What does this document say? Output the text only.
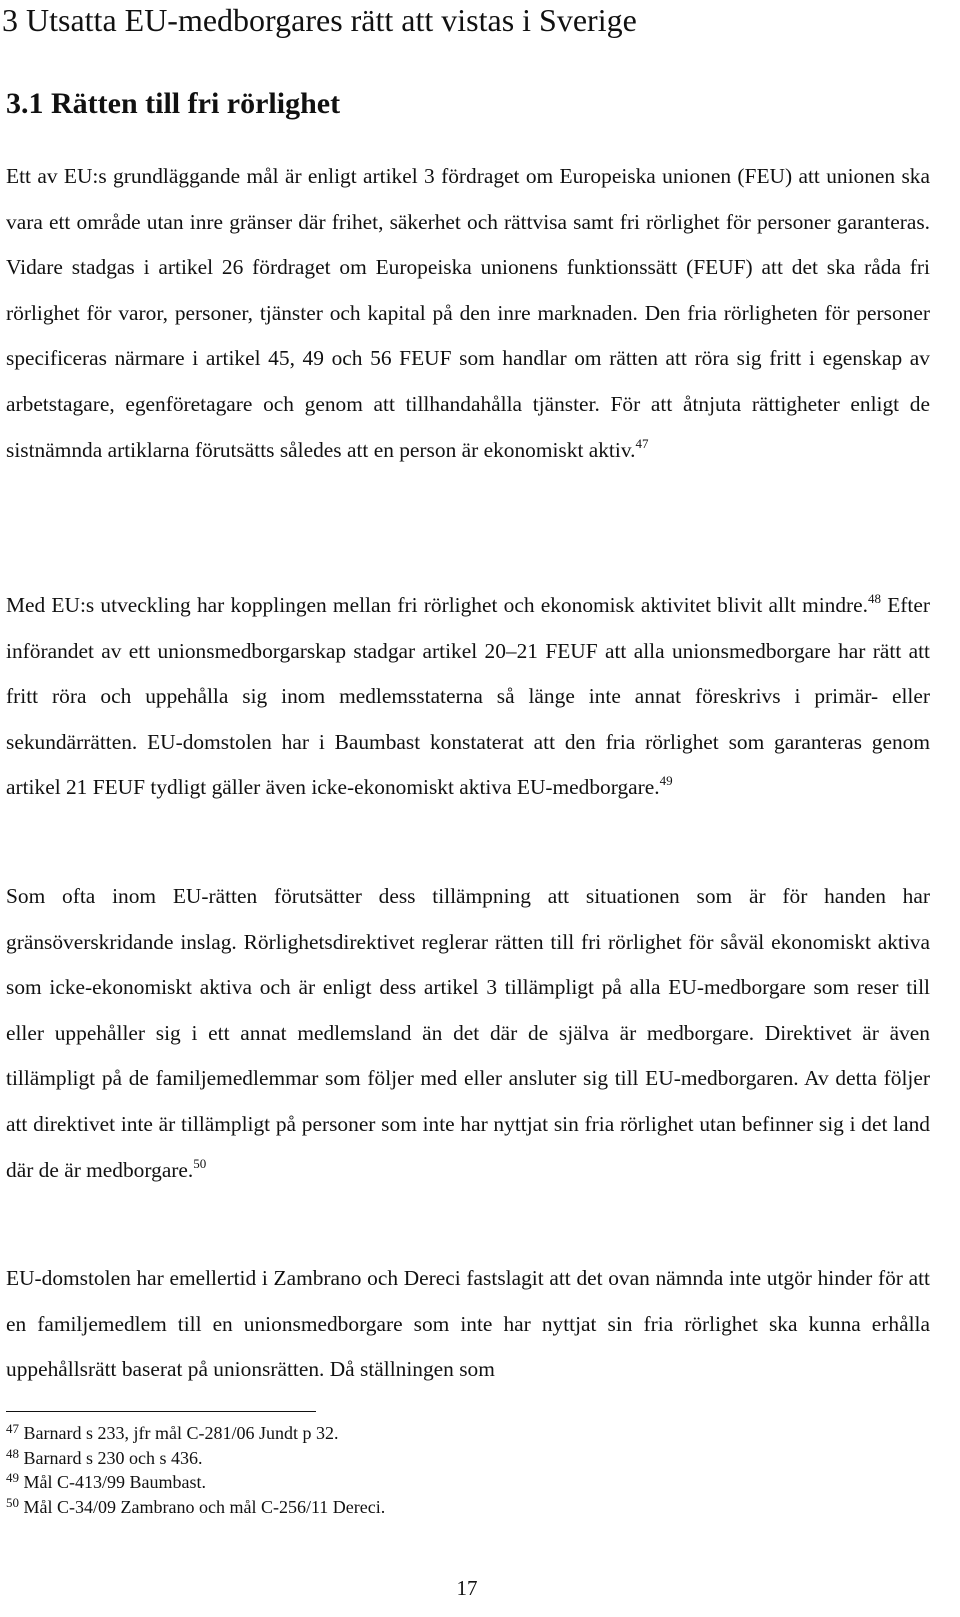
3 Utsatta EU-medborgares rätt att vistas i Sverige
3.1 Rätten till fri rörlighet

Ett av EU:s grundläggande mål är enligt artikel 3 fördraget om Europeiska unionen (FEU) att unionen ska vara ett område utan inre gränser där frihet, säkerhet och rättvisa samt fri rörlighet för personer garanteras. Vidare stadgas i artikel 26 fördraget om Europeiska unionens funktionssätt (FEUF) att det ska råda fri rörlighet för varor, personer, tjänster och kapital på den inre marknaden. Den fria rörligheten för personer specificeras närmare i artikel 45, 49 och 56 FEUF som handlar om rätten att röra sig fritt i egenskap av arbetstagare, egenföretagare och genom att tillhandahålla tjänster. För att åtnjuta rättigheter enligt de sistnämnda artiklarna förutsätts således att en person är ekonomiskt aktiv.$^{47}$

Med EU:s utveckling har kopplingen mellan fri rörlighet och ekonomisk aktivitet blivit allt mindre.$^{48}$ Efter införandet av ett unionsmedborgarskap stadgar artikel 20–21 FEUF att alla unionsmedborgare har rätt att fritt röra och uppehålla sig inom medlemsstaterna så länge inte annat föreskrivs i primär- eller sekundärrätten. EU-domstolen har i Baumbast konstaterat att den fria rörlighet som garanteras genom artikel 21 FEUF tydligt gäller även icke-ekonomiskt aktiva EU-medborgare.$^{49}$

Som ofta inom EU-rätten förutsätter dess tillämpning att situationen som är för handen har gränsöverskridande inslag. Rörlighetsdirektivet reglerar rätten till fri rörlighet för såväl ekonomiskt aktiva som icke-ekonomiskt aktiva och är enligt dess artikel 3 tillämpligt på alla EU-medborgare som reser till eller uppehåller sig i ett annat medlemsland än det där de själva är medborgare. Direktivet är även tillämpligt på de familjemedlemmar som följer med eller ansluter sig till EU-medborgaren. Av detta följer att direktivet inte är tillämpligt på personer som inte har nyttjat sin fria rörlighet utan befinner sig i det land där de är medborgare.$^{50}$

EU-domstolen har emellertid i Zambrano och Dereci fastslagit att det ovan nämnda inte utgör hinder för att en familjemedlem till en unionsmedborgare som inte har nyttjat sin fria rörlighet ska kunna erhålla uppehållsrätt baserat på unionsrätten. Då ställningen som

$^{47}$ Barnard s 233, jfr mål C-281/06 Jundt p 32.

$^{48}$ Barnard s 230 och s 436.

$^{49}$ Mål C-413/99 Baumbast.

$^{50}$ Mål C-34/09 Zambrano och mål C-256/11 Dereci.

17
